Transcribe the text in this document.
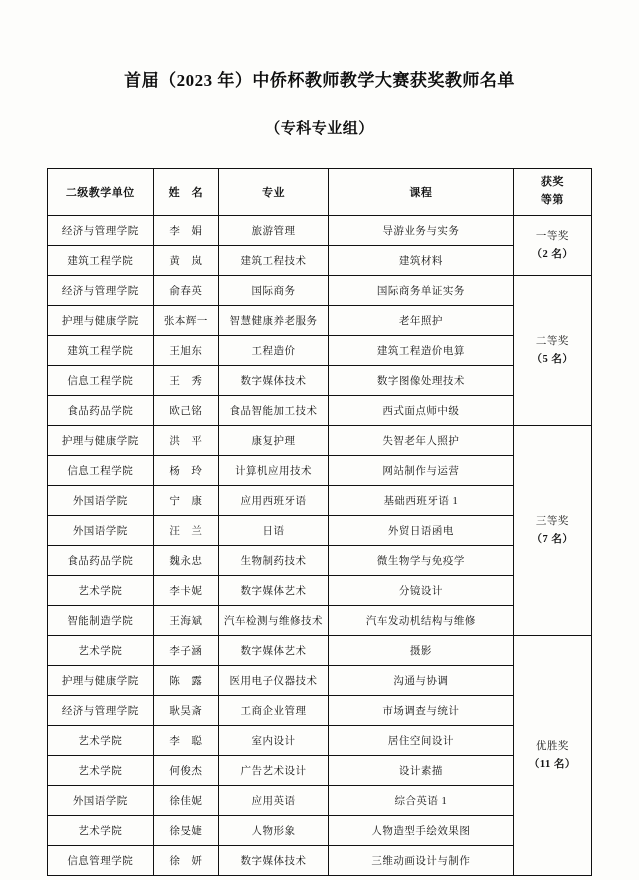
首届（2023 年）中侨杯教师教学大赛获奖教师名单
（专科专业组）
二级教学单位	姓　名	专业	课程	获奖
等第

经济与管理学院	李　娟	旅游管理	导游业务与实务	一等奖
（2 名）

建筑工程学院	黄　岚	建筑工程技术	建筑材料	
经济与管理学院	俞春英	国际商务	国际商务单证实务	二等奖
（5 名）

护理与健康学院	张本辉一	智慧健康养老服务	老年照护	
建筑工程学院	王旭东	工程造价	建筑工程造价电算	
信息工程学院	王　秀	数字媒体技术	数字图像处理技术	
食品药品学院	欧己铭	食品智能加工技术	西式面点师中级	
护理与健康学院	洪　平	康复护理	失智老年人照护	三等奖
（7 名）

信息工程学院	杨　玲	计算机应用技术	网站制作与运营	
外国语学院	宁　康	应用西班牙语	基础西班牙语 1	
外国语学院	汪　兰	日语	外贸日语函电	
食品药品学院	魏永忠	生物制药技术	微生物学与免疫学	
艺术学院	李卡妮	数字媒体艺术	分镜设计	
智能制造学院	王海斌	汽车检测与维修技术	汽车发动机结构与维修	
艺术学院	李子涵	数字媒体艺术	摄影	优胜奖
（11 名）

护理与健康学院	陈　露	医用电子仪器技术	沟通与协调	
经济与管理学院	耿昊斎	工商企业管理	市场调查与统计	
艺术学院	李　聪	室内设计	居住空间设计	
艺术学院	何俊杰	广告艺术设计	设计素描	
外国语学院	徐佳妮	应用英语	综合英语 1	
艺术学院	徐旻婕	人物形象	人物造型手绘效果图	
信息管理学院	徐　妍	数字媒体技术	三维动画设计与制作	
